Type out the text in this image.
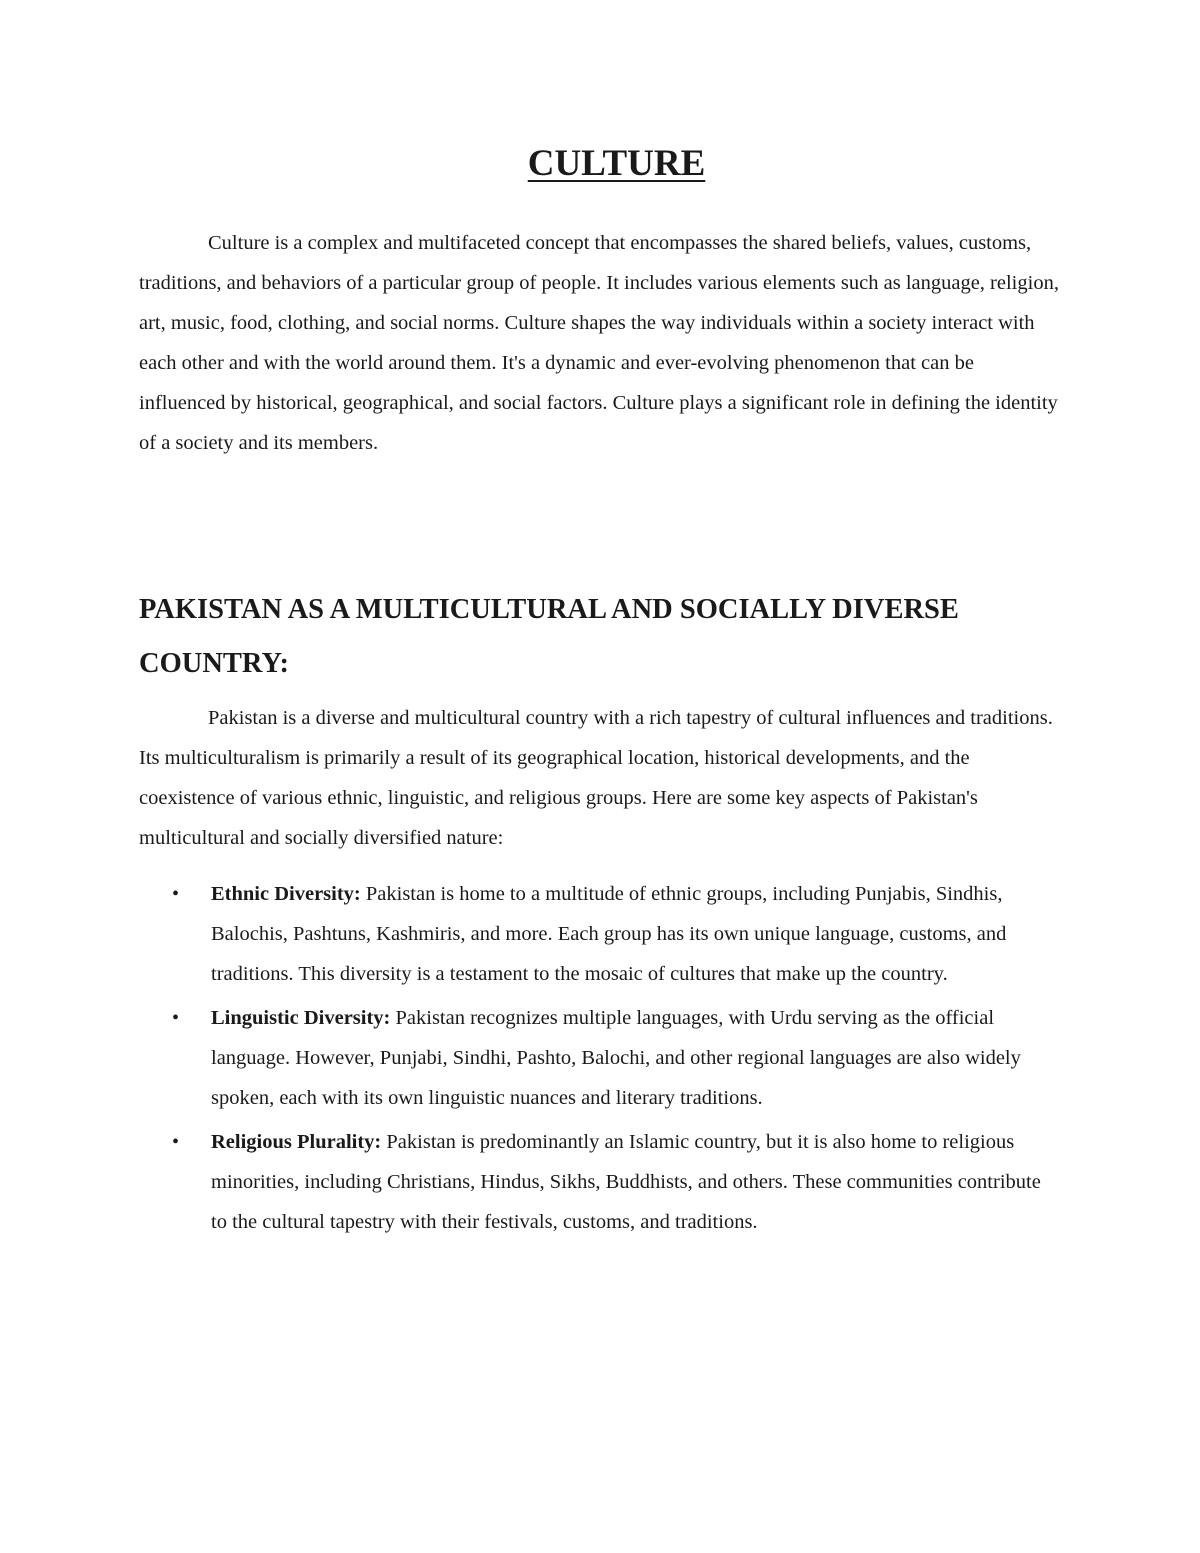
CULTURE

Culture is a complex and multifaceted concept that encompasses the shared beliefs, values, customs, traditions, and behaviors of a particular group of people. It includes various elements such as language, religion, art, music, food, clothing, and social norms. Culture shapes the way individuals within a society interact with each other and with the world around them. It's a dynamic and ever-evolving phenomenon that can be influenced by historical, geographical, and social factors. Culture plays a significant role in defining the identity of a society and its members.

PAKISTAN AS A MULTICULTURAL AND SOCIALLY DIVERSE COUNTRY:

Pakistan is a diverse and multicultural country with a rich tapestry of cultural influences and traditions. Its multiculturalism is primarily a result of its geographical location, historical developments, and the coexistence of various ethnic, linguistic, and religious groups. Here are some key aspects of Pakistan's multicultural and socially diversified nature:

• Ethnic Diversity: Pakistan is home to a multitude of ethnic groups, including Punjabis, Sindhis, Balochis, Pashtuns, Kashmiris, and more. Each group has its own unique language, customs, and traditions. This diversity is a testament to the mosaic of cultures that make up the country.
• Linguistic Diversity: Pakistan recognizes multiple languages, with Urdu serving as the official language. However, Punjabi, Sindhi, Pashto, Balochi, and other regional languages are also widely spoken, each with its own linguistic nuances and literary traditions.
• Religious Plurality: Pakistan is predominantly an Islamic country, but it is also home to religious minorities, including Christians, Hindus, Sikhs, Buddhists, and others. These communities contribute to the cultural tapestry with their festivals, customs, and traditions.
